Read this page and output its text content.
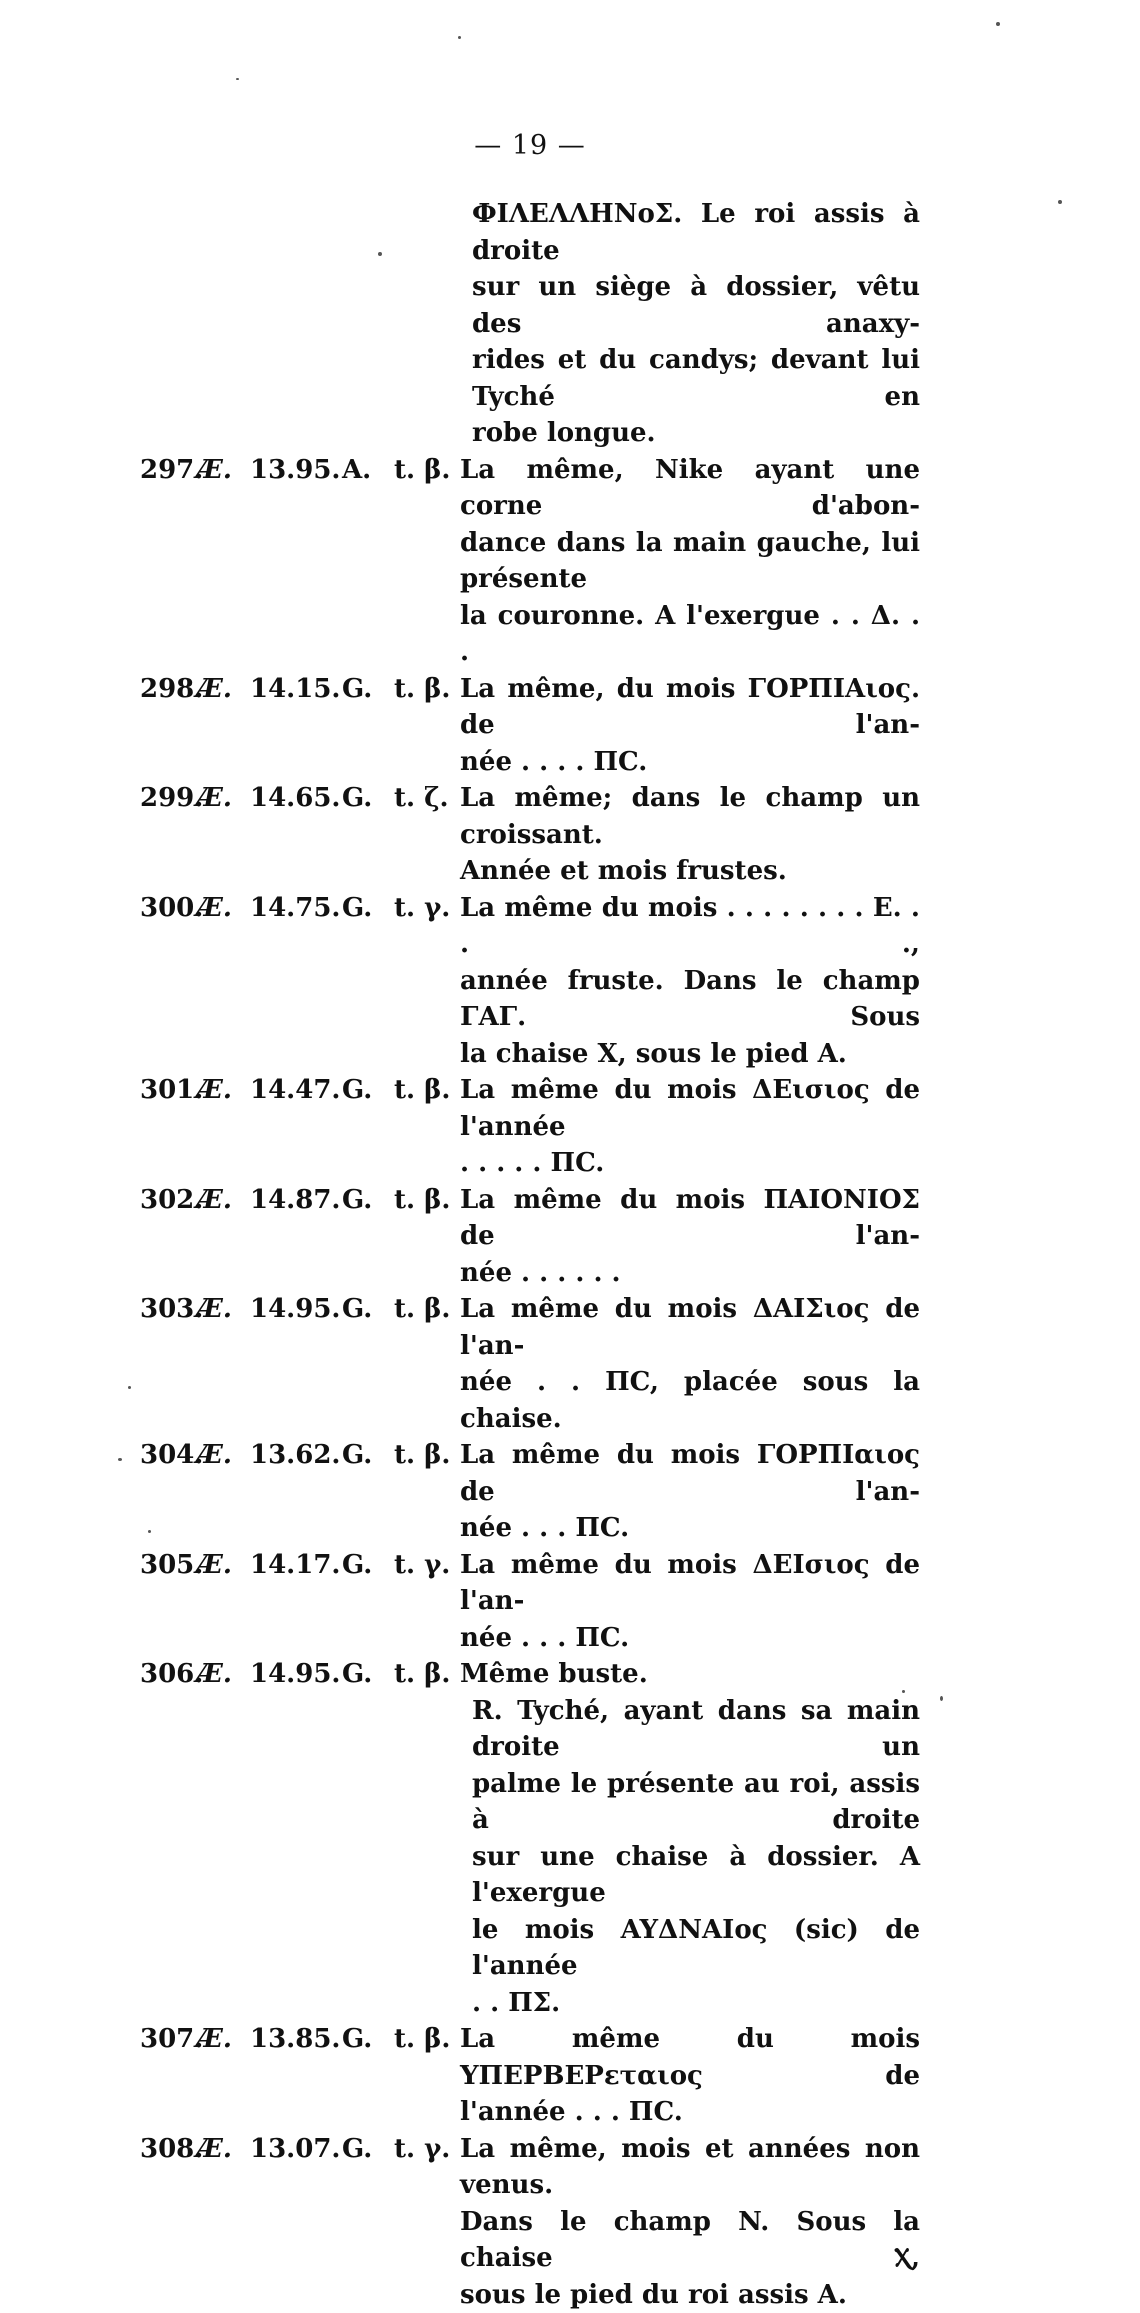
— 19 —
ФIΛEΛΛHNoΣ. Le roi assis à droite
sur un siège à dossier, vêtu des anaxy-
rides et du candys; devant lui Tyché en
robe longue.
297.
Æ. 13.95. A. t. β. La même, Nike ayant une corne d'abon-
dance dans la main gauche, lui présente
la couronne. A l'exergue . . Δ. . .
298.
Æ. 14.15. G. t. β. La même, du mois ΓOPΠIAιος. de l'an-
née . . . . ΠC.
299.
Æ. 14.65. G. t. ζ. La même; dans le champ un croissant.
Année et mois frustes.
300.
Æ. 14.75. G. t. γ. La même du mois . . . . . . . . E. . . .,
année fruste. Dans le champ ΓΑΓ. Sous
la chaise Χ, sous le pied A.
301.
Æ. 14.47. G. t. β. La même du mois ΔEισιος de l'année
. . . . . ΠC.
302.
Æ. 14.87. G. t. β. La même du mois ΠAIONIOΣ de l'an-
née . . . . . .
303.
Æ. 14.95. G. t. β. La même du mois ΔAIΣιος de l'an-
née . . ΠC, placée sous la chaise.
304.
Æ. 13.62. G. t. β. La même du mois ΓOPΠIαιος de l'an-
née . . . ΠC.
305.
Æ. 14.17. G. t. γ. La même du mois ΔEIσιος de l'an-
née . . . ΠC.
306.
Æ. 14.95. G. t. β. Même buste.
R. Tyché, ayant dans sa main droite un
palme le présente au roi, assis à droite
sur une chaise à dossier. A l'exergue
le mois AYΔNAIος (sic) de l'année
. . ΠΣ.
307.
Æ. 13.85. G. t. β. La même du mois YΠEPBEPεταιος de
l'année . . . ΠC.
308.
Æ. 13.07. G. t. γ. La même, mois et années non venus.
Dans le champ N. Sous la chaise Ⲭ,
sous le pied du roi assis A.
